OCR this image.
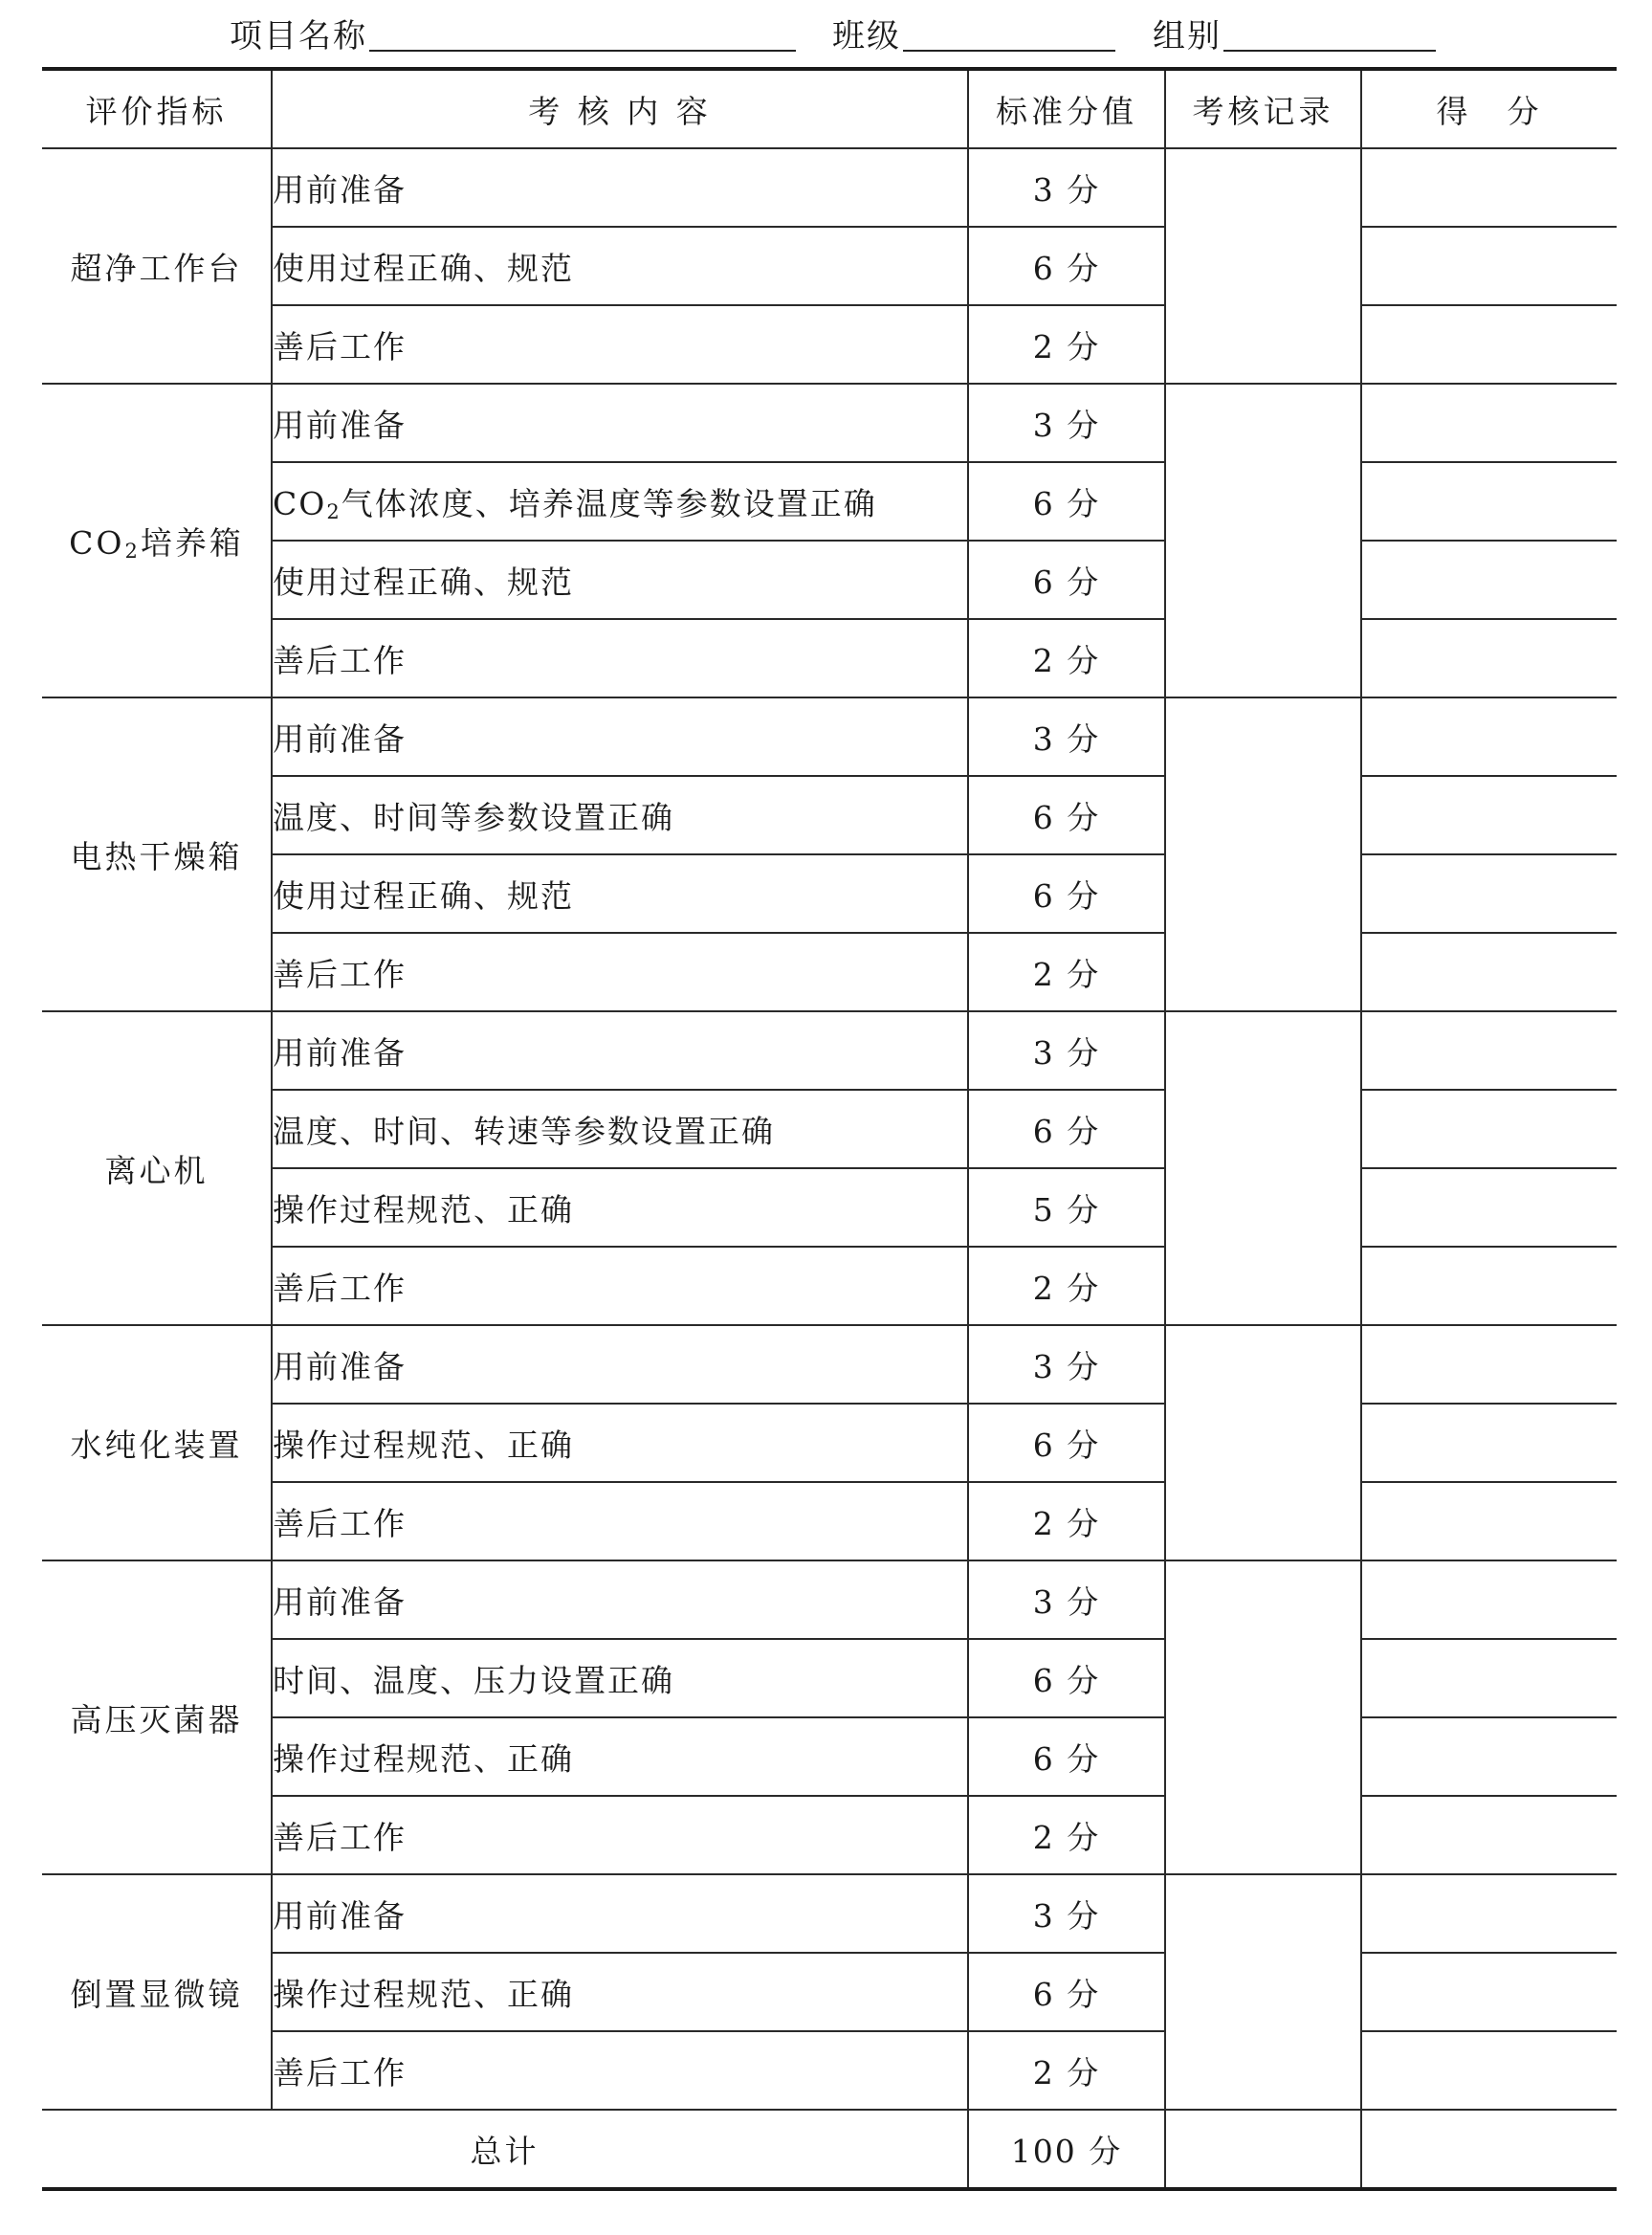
项目名称	班级	组别
评价指标	考 核 内 容	标准分值	考核记录	得　分
超净工作台	用前准备	3 分		
	使用过程正确、规范	6 分		
	善后工作	2 分		
CO2培养箱	用前准备	3 分		
	CO2气体浓度、培养温度等参数设置正确	6 分		
	使用过程正确、规范	6 分		
	善后工作	2 分		
电热干燥箱	用前准备	3 分		
	温度、时间等参数设置正确	6 分		
	使用过程正确、规范	6 分		
	善后工作	2 分		
离心机	用前准备	3 分		
	温度、时间、转速等参数设置正确	6 分		
	操作过程规范、正确	5 分		
	善后工作	2 分		
水纯化装置	用前准备	3 分		
	操作过程规范、正确	6 分		
	善后工作	2 分		
高压灭菌器	用前准备	3 分		
	时间、温度、压力设置正确	6 分		
	操作过程规范、正确	6 分		
	善后工作	2 分		
倒置显微镜	用前准备	3 分		
	操作过程规范、正确	6 分		
	善后工作	2 分		
总计		100 分		
